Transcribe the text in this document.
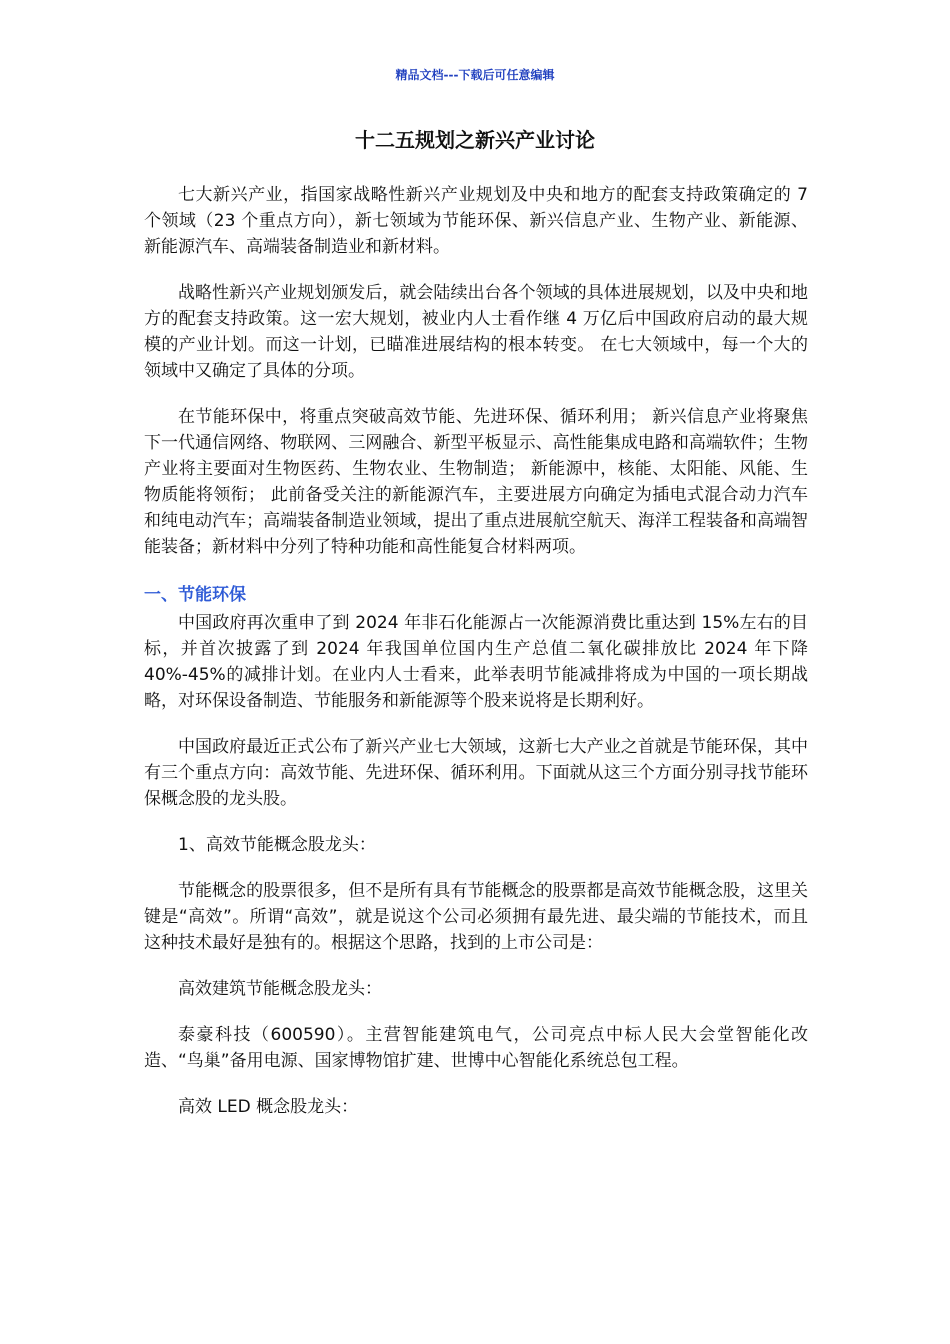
精品文档---下载后可任意编辑
十二五规划之新兴产业讨论

七大新兴产业，指国家战略性新兴产业规划及中央和地方的配套支持政策确定的 7 个领域（23 个重点方向），新七领域为节能环保、新兴信息产业、生物产业、新能源、新能源汽车、高端装备制造业和新材料。

战略性新兴产业规划颁发后，就会陆续出台各个领域的具体进展规划，以及中央和地方的配套支持政策。这一宏大规划，被业内人士看作继 4 万亿后中国政府启动的最大规模的产业计划。而这一计划，已瞄准进展结构的根本转变。 在七大领域中，每一个大的领域中又确定了具体的分项。

在节能环保中，将重点突破高效节能、先进环保、循环利用； 新兴信息产业将聚焦下一代通信网络、物联网、三网融合、新型平板显示、高性能集成电路和高端软件；生物产业将主要面对生物医药、生物农业、生物制造； 新能源中，核能、太阳能、风能、生物质能将领衔； 此前备受关注的新能源汽车，主要进展方向确定为插电式混合动力汽车和纯电动汽车；高端装备制造业领域，提出了重点进展航空航天、海洋工程装备和高端智能装备；新材料中分列了特种功能和高性能复合材料两项。

一、节能环保

中国政府再次重申了到 2024 年非石化能源占一次能源消费比重达到 15%左右的目标，并首次披露了到 2024 年我国单位国内生产总值二氧化碳排放比 2024 年下降 40%-45%的减排计划。在业内人士看来，此举表明节能减排将成为中国的一项长期战略，对环保设备制造、节能服务和新能源等个股来说将是长期利好。

中国政府最近正式公布了新兴产业七大领域，这新七大产业之首就是节能环保，其中有三个重点方向：高效节能、先进环保、循环利用。下面就从这三个方面分别寻找节能环保概念股的龙头股。

1、高效节能概念股龙头：

节能概念的股票很多，但不是所有具有节能概念的股票都是高效节能概念股，这里关键是“高效”。所谓“高效”，就是说这个公司必须拥有最先进、最尖端的节能技术，而且这种技术最好是独有的。根据这个思路，找到的上市公司是：

高效建筑节能概念股龙头：

泰豪科技（600590）。主营智能建筑电气，公司亮点中标人民大会堂智能化改造、“鸟巢”备用电源、国家博物馆扩建、世博中心智能化系统总包工程。

高效 LED 概念股龙头：
